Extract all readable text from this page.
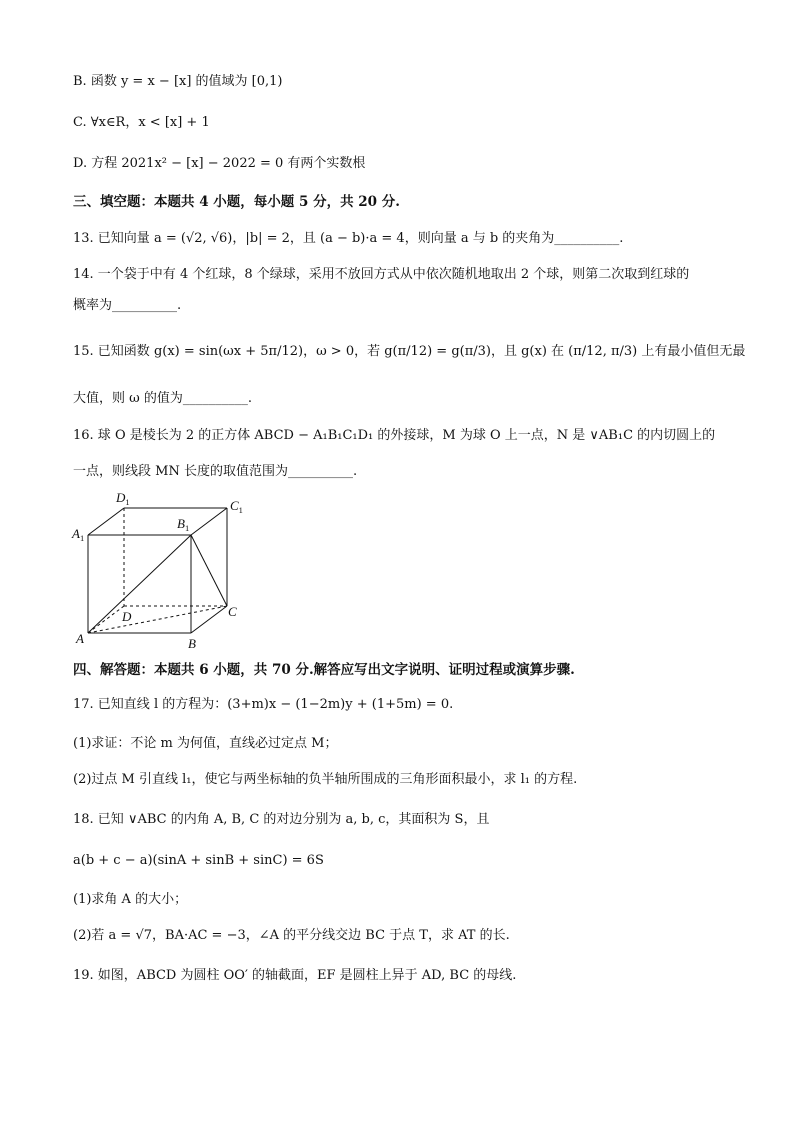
B. 函数 y = x − [x] 的值域为 [0,1)
C. ∀x∈R，x < [x] + 1
D. 方程 2021x² − [x] − 2022 = 0 有两个实数根
三、填空题：本题共 4 小题，每小题 5 分，共 20 分.
13. 已知向量 a = (√2, √6)，|b| = 2，且 (a − b)·a = 4，则向量 a 与 b 的夹角为__________.
14. 一个袋于中有 4 个红球，8 个绿球，采用不放回方式从中依次随机地取出 2 个球，则第二次取到红球的
概率为__________.
15. 已知函数 g(x) = sin(ωx + 5π/12)，ω > 0，若 g(π/12) = g(π/3)，且 g(x) 在 (π/12, π/3) 上有最小值但无最
大值，则 ω 的值为__________.
16. 球 O 是棱长为 2 的正方体 ABCD − A₁B₁C₁D₁ 的外接球，M 为球 O 上一点，N 是 ∨AB₁C 的内切圆上的
一点，则线段 MN 长度的取值范围为__________.
$D_1$	$C_1$
$A_1$
$B_1$
D	C
A	B
四、解答题：本题共 6 小题，共 70 分.解答应写出文字说明、证明过程或演算步骤.
17. 已知直线 l 的方程为：(3+m)x − (1−2m)y + (1+5m) = 0.
(1)求证：不论 m 为何值，直线必过定点 M；
(2)过点 M 引直线 l₁，使它与两坐标轴的负半轴所围成的三角形面积最小，求 l₁ 的方程.
18. 已知 ∨ABC 的内角 A, B, C 的对边分别为 a, b, c，其面积为 S，且
a(b + c − a)(sinA + sinB + sinC) = 6S
(1)求角 A 的大小；
(2)若 a = √7，BA·AC = −3，∠A 的平分线交边 BC 于点 T，求 AT 的长.
19. 如图，ABCD 为圆柱 OO′ 的轴截面，EF 是圆柱上异于 AD, BC 的母线.
